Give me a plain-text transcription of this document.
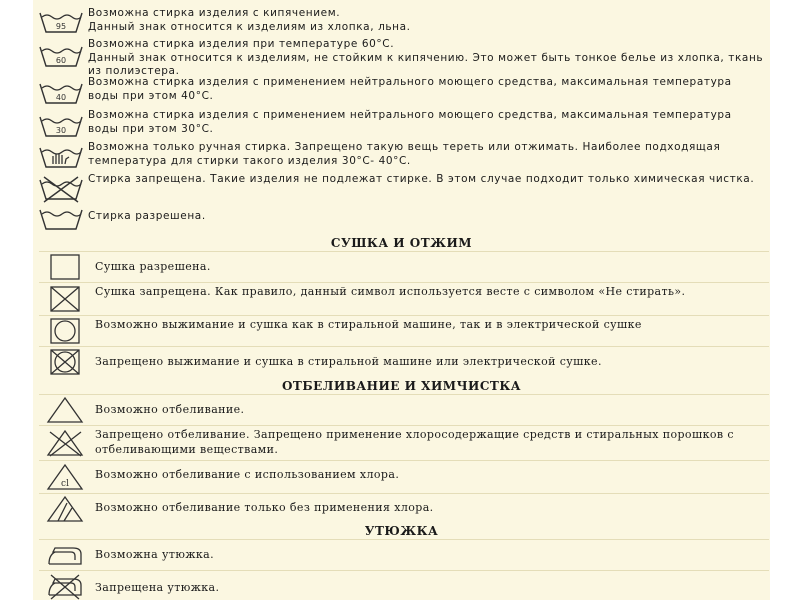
95
Возможна стирка изделия с кипячением.
Данный знак относится к изделиям из хлопка, льна.
60
Возможна стирка изделия при температуре 60°С.
Данный знак относится к изделиям, не стойким к кипячению. Это может быть тонкое белье из хлопка, ткань из полиэстера.
40
Возможна стирка изделия с применением нейтрального моющего средства, максимальная температура воды при этом 40°С.
30
Возможна стирка изделия с применением нейтрального моющего средства, максимальная температура воды при этом 30°С.
Возможна только ручная стирка. Запрещено такую вещь тереть или отжимать. Наиболее подходящая температура для стирки такого изделия 30°С- 40°С.
Стирка запрещена. Такие изделия не подлежат стирке. В этом случае подходит только химическая чистка.
Стирка разрешена.
СУШКА И ОТЖИМ
Сушка разрешена.
Сушка запрещена. Как правило, данный символ используется весте с символом «Не стирать».
Возможно выжимание и сушка как в стиральной машине, так и в электрической сушке
Запрещено выжимание и сушка в стиральной машине или электрической сушке.
ОТБЕЛИВАНИЕ И ХИМЧИСТКА
Возможно отбеливание.
Запрещено отбеливание. Запрещено применение хлоросодержащие средств и стиральных порошков с отбеливающими веществами.
cl
Возможно отбеливание с использованием хлора.
Возможно отбеливание только без применения хлора.
УТЮЖКА
Возможна утюжка.
Запрещена утюжка.
